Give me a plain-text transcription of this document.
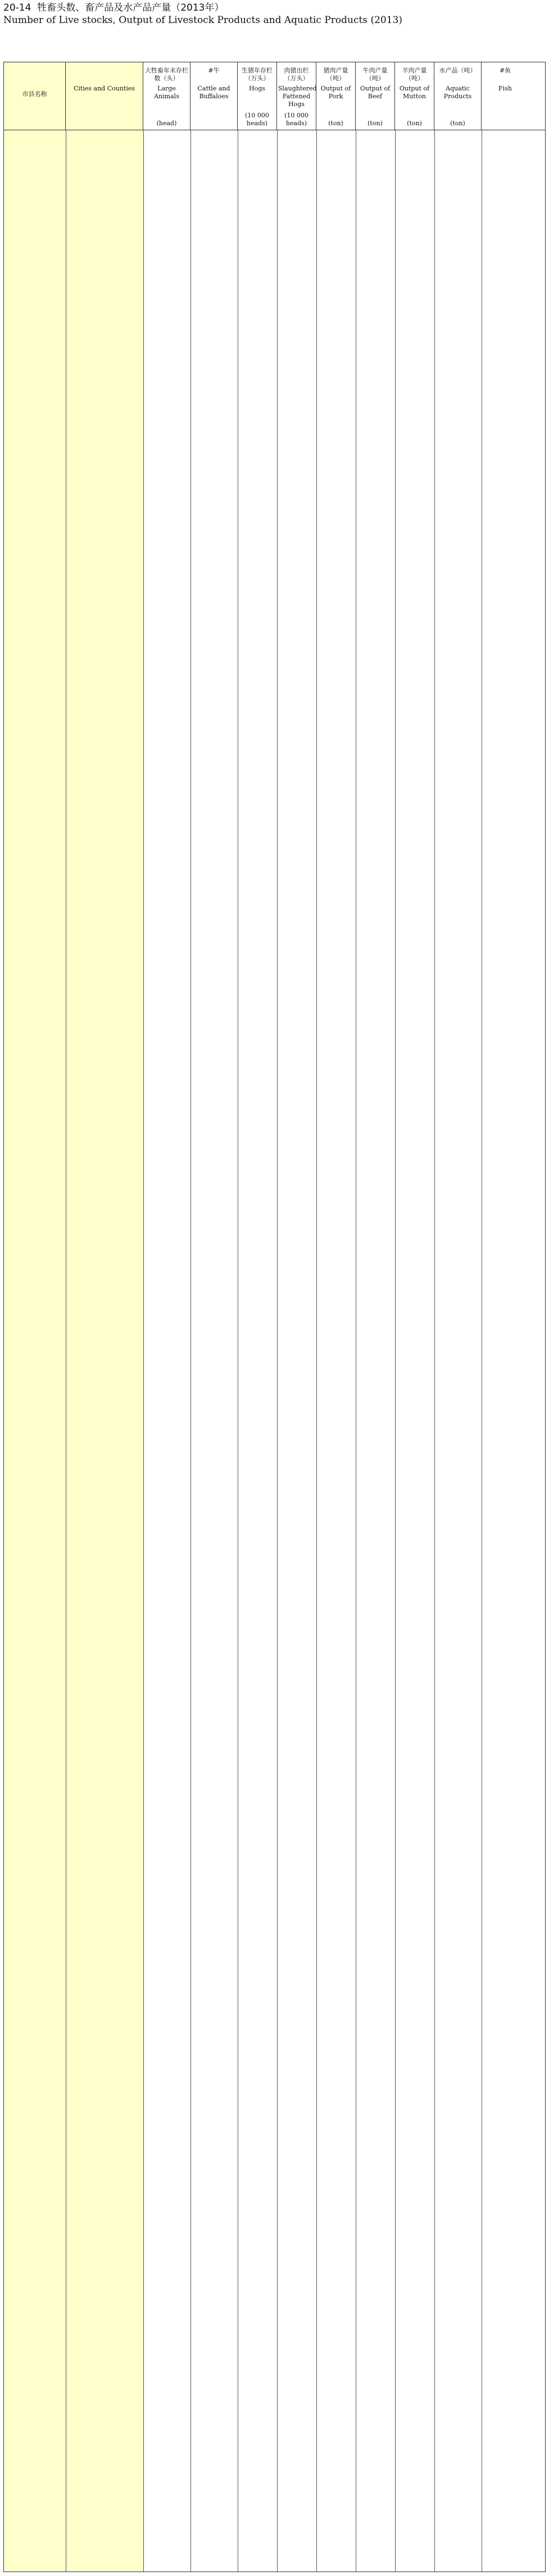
20-14 牲畜头数、畜产品及水产品产量（2013年）
Number of Live stocks, Output of Livestock Products and Aquatic Products (2013)
市县名称
Cities and Counties
大牲畜年末存栏数（头）
Large Animals
(head)
#牛
Cattle and Buffaloes
生猪年存栏（万头）
Hogs
(10 000 heads)
肉猪出栏（万头）
Slaughtered Fattened Hogs
(10 000 heads)
猪肉产量（吨）
Output of Pork
(ton)
牛肉产量（吨）
Output of Beef
(ton)
羊肉产量（吨）
Output of Mutton
(ton)
水产品（吨）
Aquatic Products
(ton)
#鱼
Fish
